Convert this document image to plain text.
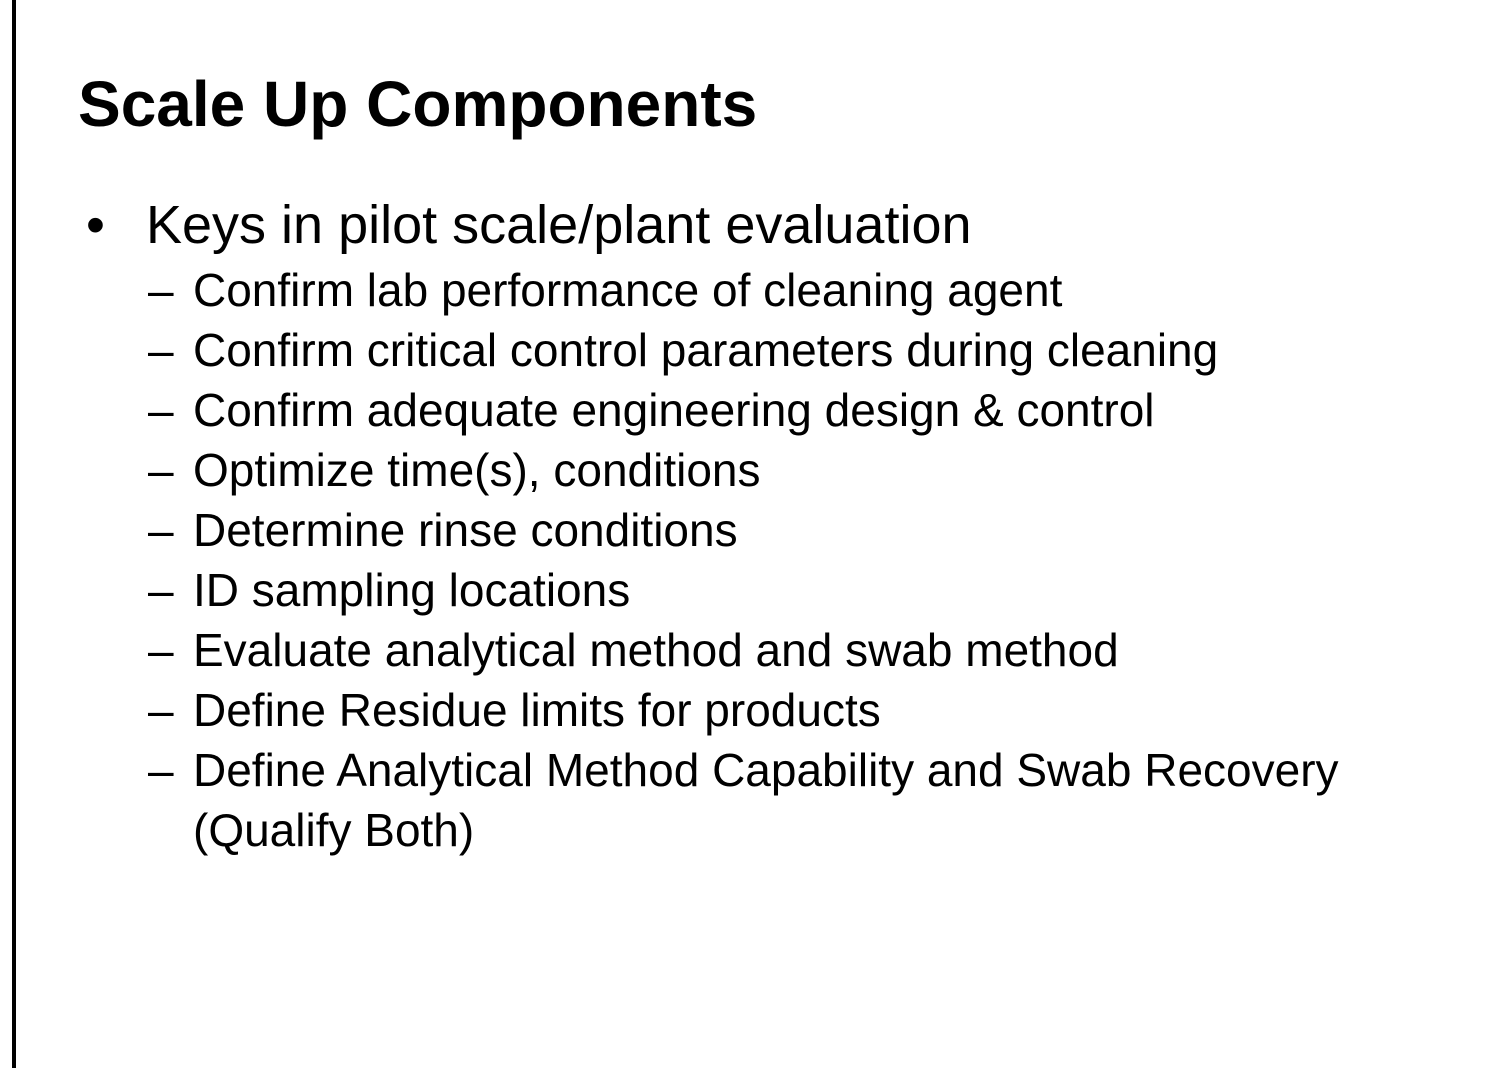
Scale Up Components
• Keys in pilot scale/plant evaluation
– Confirm lab performance of cleaning agent
– Confirm critical control parameters during cleaning
– Confirm adequate engineering design & control
– Optimize time(s), conditions
– Determine rinse conditions
– ID sampling locations
– Evaluate analytical method and swab method
– Define Residue limits for products
– Define Analytical Method Capability and Swab Recovery (Qualify Both)
